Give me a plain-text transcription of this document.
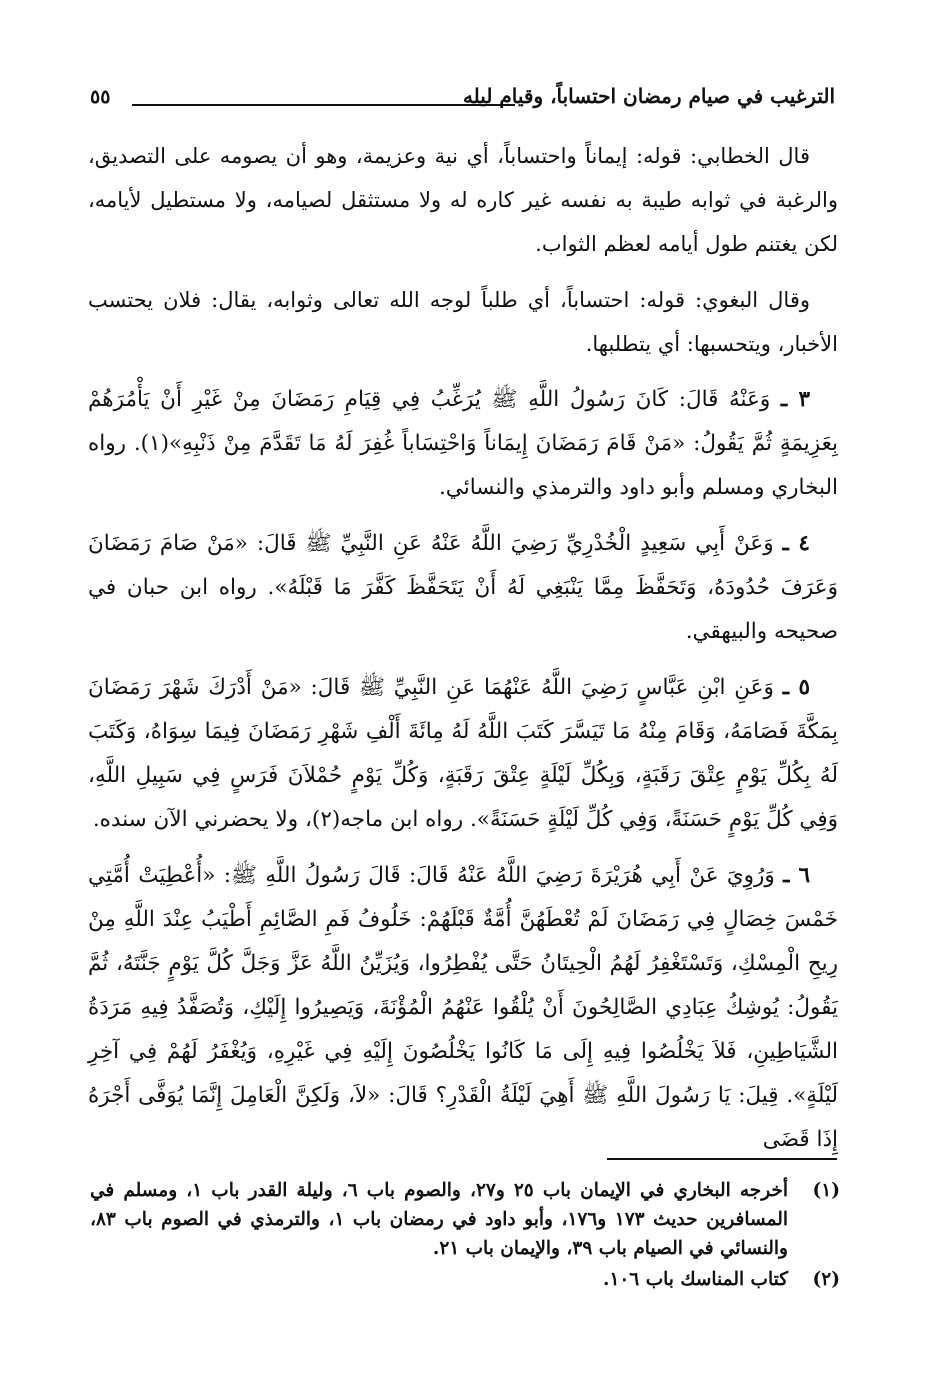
الترغيب في صيام رمضان احتساباً، وقيام ليله
٥٥

قال الخطابي: قوله: إيماناً واحتساباً، أي نية وعزيمة، وهو أن يصومه على التصديق، والرغبة في ثوابه طيبة به نفسه غير كاره له ولا مستثقل لصيامه، ولا مستطيل لأيامه، لكن يغتنم طول أيامه لعظم الثواب.

وقال البغوي: قوله: احتساباً، أي طلباً لوجه الله تعالى وثوابه، يقال: فلان يحتسب الأخبار، ويتحسبها: أي يتطلبها.

٣ ـ وَعَنْهُ قَالَ: كَانَ رَسُولُ اللَّهِ ﷺ يُرَغِّبُ فِي قِيَامِ رَمَضَانَ مِنْ غَيْرِ أَنْ يَأْمُرَهُمْ بِعَزِيمَةٍ ثُمَّ يَقُولُ: «مَنْ قَامَ رَمَضَانَ إِيمَاناً وَاحْتِسَاباً غُفِرَ لَهُ مَا تَقَدَّمَ مِنْ ذَنْبِهِ»(١). رواه البخاري ومسلم وأبو داود والترمذي والنسائي.

٤ ـ وَعَنْ أَبِي سَعِيدٍ الْخُدْرِيِّ رَضِيَ اللَّهُ عَنْهُ عَنِ النَّبِيِّ ﷺ قَالَ: «مَنْ صَامَ رَمَضَانَ وَعَرَفَ حُدُودَهُ، وَتَحَفَّظَ مِمَّا يَنْبَغِي لَهُ أَنْ يَتَحَفَّظَ كَفَّرَ مَا قَبْلَهُ». رواه ابن حبان في صحيحه والبيهقي.

٥ ـ وَعَنِ ابْنِ عَبَّاسٍ رَضِيَ اللَّهُ عَنْهُمَا عَنِ النَّبِيِّ ﷺ قَالَ: «مَنْ أَدْرَكَ شَهْرَ رَمَضَانَ بِمَكَّةَ فَصَامَهُ، وَقَامَ مِنْهُ مَا تَيَسَّرَ كَتَبَ اللَّهُ لَهُ مِائَةَ أَلْفِ شَهْرِ رَمَضَانَ فِيمَا سِوَاهُ، وَكَتَبَ لَهُ بِكُلِّ يَوْمٍ عِتْقَ رَقَبَةٍ، وَبِكُلِّ لَيْلَةٍ عِتْقَ رَقَبَةٍ، وَكُلِّ يَوْمٍ حُمْلاَنَ فَرَسٍ فِي سَبِيلِ اللَّهِ، وَفِي كُلِّ يَوْمٍ حَسَنَةً، وَفِي كُلِّ لَيْلَةٍ حَسَنَةً». رواه ابن ماجه(٢)، ولا يحضرني الآن سنده.

٦ ـ وَرُوِيَ عَنْ أَبِي هُرَيْرَةَ رَضِيَ اللَّهُ عَنْهُ قَالَ: قَالَ رَسُولُ اللَّهِ ﷺ: «أُعْطِيَتْ أُمَّتِي خَمْسَ خِصَالٍ فِي رَمَضَانَ لَمْ تُعْطَهُنَّ أُمَّةٌ قَبْلَهُمْ: خَلُوفُ فَمِ الصَّائِمِ أَطْيَبُ عِنْدَ اللَّهِ مِنْ رِيحِ الْمِسْكِ، وَتَسْتَغْفِرُ لَهُمُ الْحِيتَانُ حَتَّى يُفْطِرُوا، وَيُزَيِّنُ اللَّهُ عَزَّ وَجَلَّ كُلَّ يَوْمٍ جَنَّتَهُ، ثُمَّ يَقُولُ: يُوشِكُ عِبَادِي الصَّالِحُونَ أَنْ يُلْقُوا عَنْهُمُ الْمُؤْنَةَ، وَيَصِيرُوا إِلَيْكِ، وَتُصَفَّدُ فِيهِ مَرَدَةُ الشَّيَاطِينِ، فَلاَ يَخْلُصُوا فِيهِ إِلَى مَا كَانُوا يَخْلُصُونَ إِلَيْهِ فِي غَيْرِهِ، وَيُغْفَرُ لَهُمْ فِي آخِرِ لَيْلَةٍ». قِيلَ: يَا رَسُولَ اللَّهِ ﷺ أَهِيَ لَيْلَةُ الْقَدْرِ؟ قَالَ: «لاَ، وَلَكِنَّ الْعَامِلَ إِنَّمَا يُوَفَّى أَجْرَهُ إِذَا قَضَى

(١)
أخرجه البخاري في الإيمان باب ٢٥ و٢٧، والصوم باب ٦، وليلة القدر باب ١، ومسلم في المسافرين حديث ١٧٣ و١٧٦، وأبو داود في رمضان باب ١، والترمذي في الصوم باب ٨٣، والنسائي في الصيام باب ٣٩، والإيمان باب ٢١.
(٢)
كتاب المناسك باب ١٠٦.
